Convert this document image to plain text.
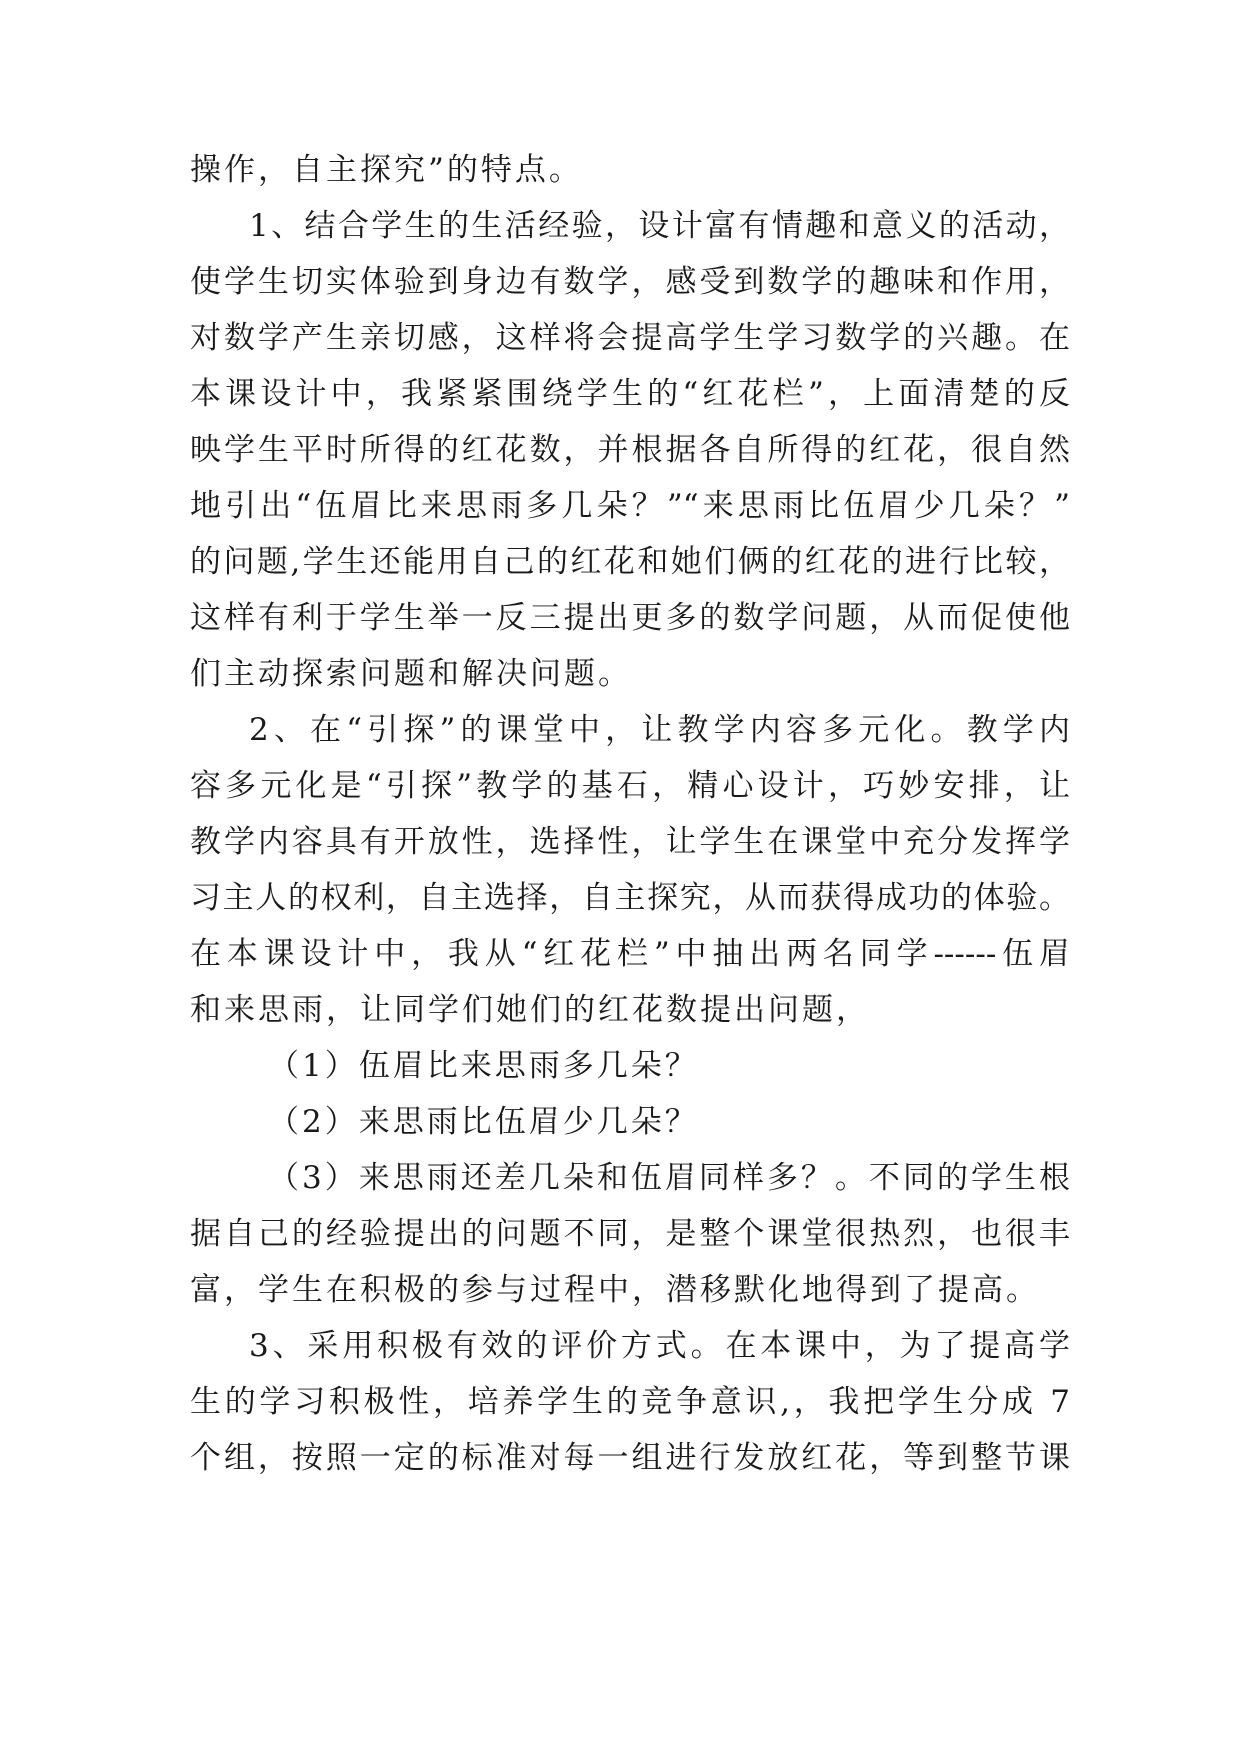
操作，自主探究”的特点。
1、结合学生的生活经验，设计富有情趣和意义的活动，
使学生切实体验到身边有数学，感受到数学的趣味和作用，
对数学产生亲切感，这样将会提高学生学习数学的兴趣。在
本课设计中，我紧紧围绕学生的“红花栏”，上面清楚的反
映学生平时所得的红花数，并根据各自所得的红花，很自然
地引出“伍眉比来思雨多几朵？”“来思雨比伍眉少几朵？”
的问题,学生还能用自己的红花和她们俩的红花的进行比较，
这样有利于学生举一反三提出更多的数学问题，从而促使他
们主动探索问题和解决问题。
2、在“引探”的课堂中，让教学内容多元化。教学内
容多元化是“引探”教学的基石，精心设计，巧妙安排，让
教学内容具有开放性，选择性，让学生在课堂中充分发挥学
习主人的权利，自主选择，自主探究，从而获得成功的体验。
在本课设计中，我从“红花栏”中抽出两名同学------伍眉
和来思雨，让同学们她们的红花数提出问题，
（1）伍眉比来思雨多几朵？
（2）来思雨比伍眉少几朵？
（3）来思雨还差几朵和伍眉同样多？。不同的学生根
据自己的经验提出的问题不同，是整个课堂很热烈，也很丰
富，学生在积极的参与过程中，潜移默化地得到了提高。
3、采用积极有效的评价方式。在本课中，为了提高学
生的学习积极性，培养学生的竞争意识,，我把学生分成 7
个组，按照一定的标准对每一组进行发放红花，等到整节课
